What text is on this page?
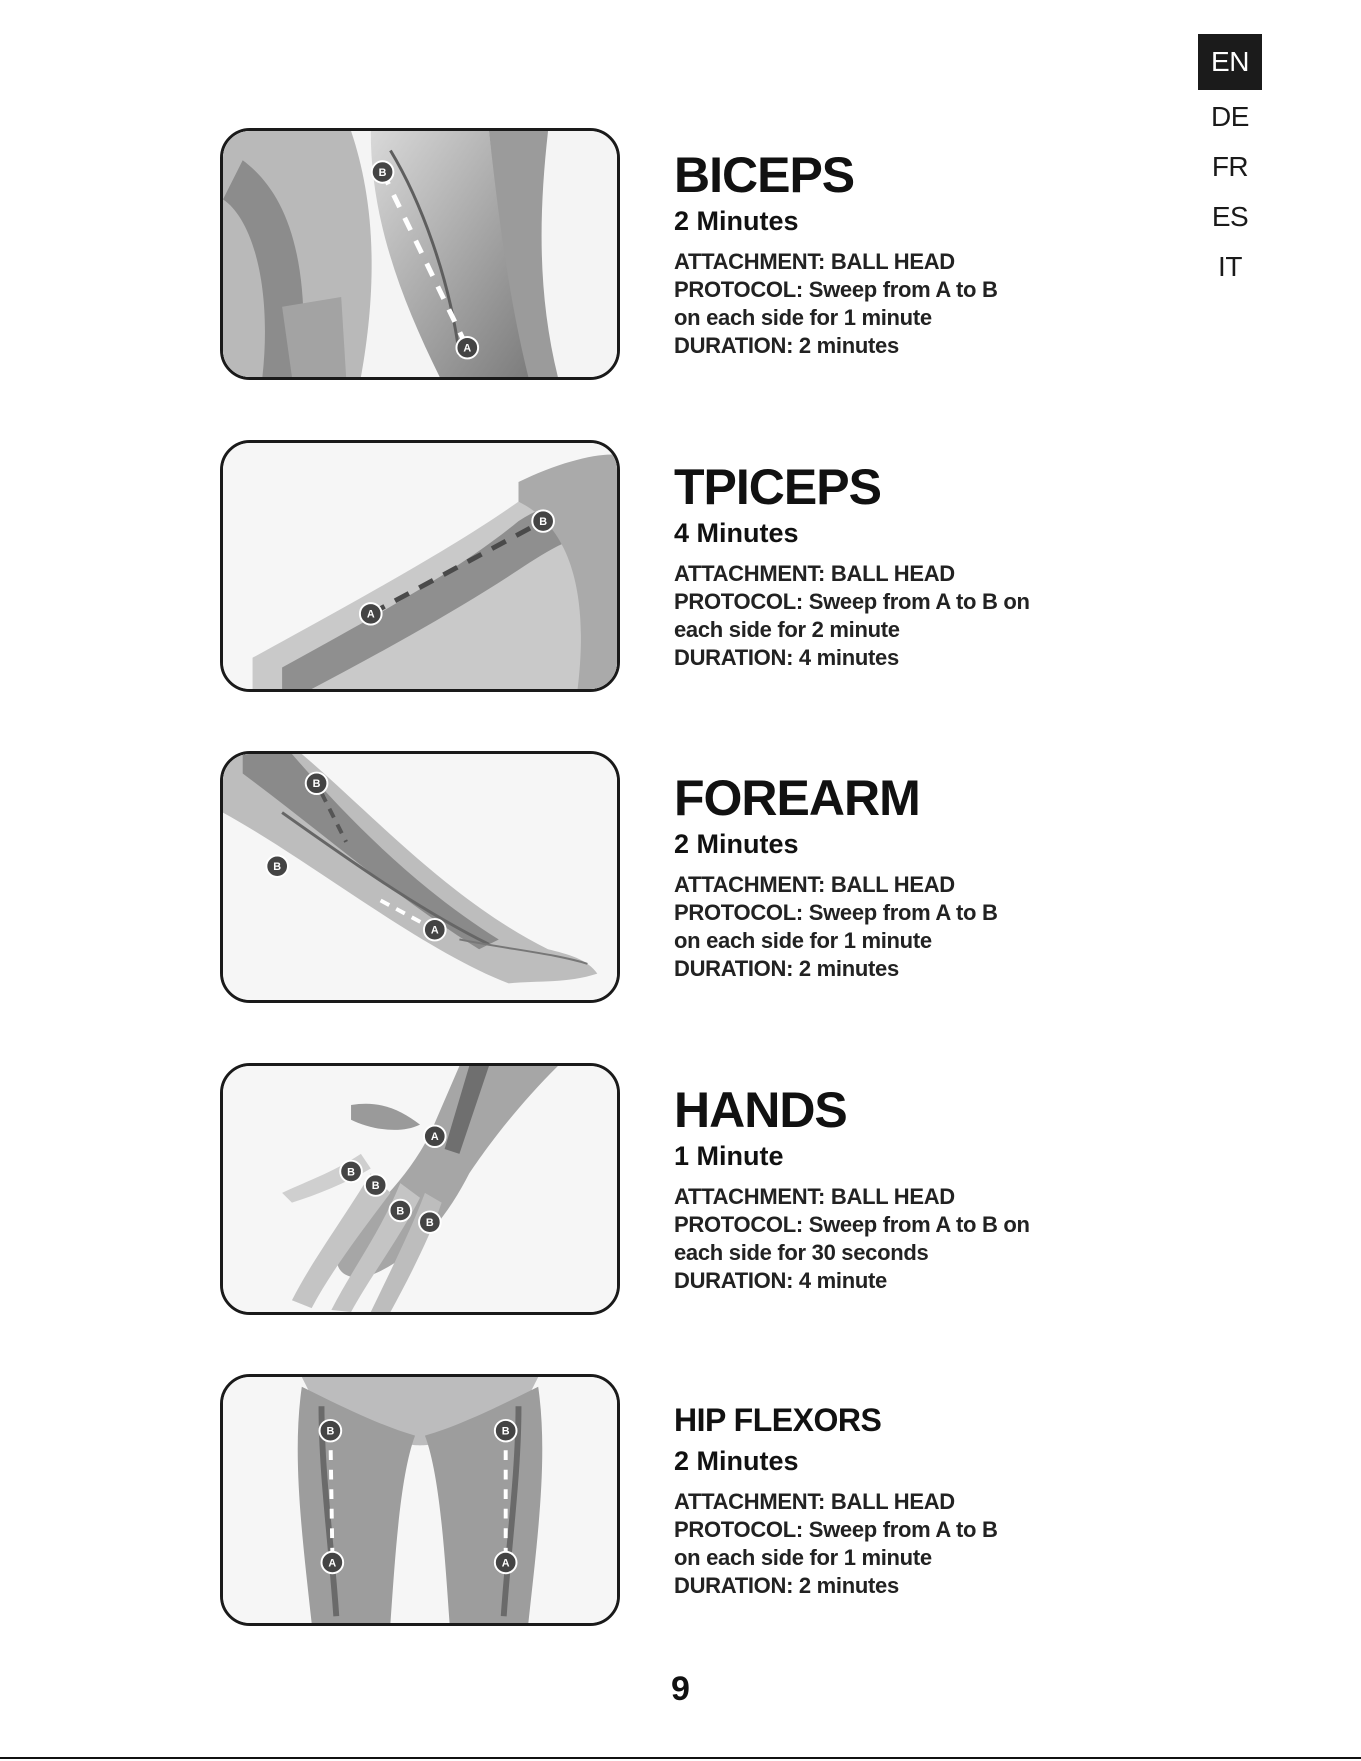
EN
DE
FR
ES
IT
B
A
BICEPS
2 Minutes

ATTACHMENT: BALL HEAD

PROTOCOL: Sweep from A to B

on each side for 1 minute

DURATION: 2 minutes

B
A
TPICEPS
4 Minutes

ATTACHMENT: BALL HEAD

PROTOCOL: Sweep from A to B on

each side for 2 minute

DURATION: 4 minutes

B
B
A
FOREARM
2 Minutes

ATTACHMENT: BALL HEAD

PROTOCOL: Sweep from A to B

on each side for 1 minute

DURATION: 2 minutes

A
B
B
B
B
HANDS
1 Minute

ATTACHMENT: BALL HEAD

PROTOCOL: Sweep from A to B on

each side for 30 seconds

DURATION: 4 minute

B	B
A	A
HIP FLEXORS
2 Minutes

ATTACHMENT: BALL HEAD

PROTOCOL: Sweep from A to B

on each side for 1 minute

DURATION: 2 minutes

9
